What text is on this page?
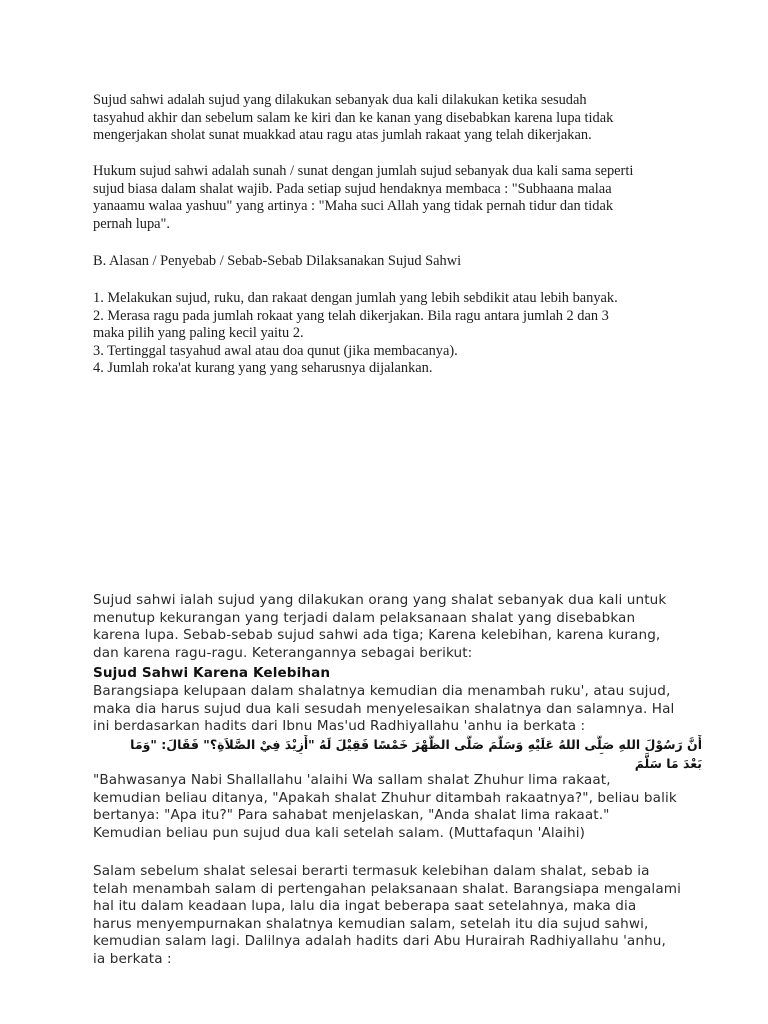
Sujud sahwi adalah sujud yang dilakukan sebanyak dua kali dilakukan ketika sesudah
tasyahud akhir dan sebelum salam ke kiri dan ke kanan yang disebabkan karena lupa tidak
mengerjakan sholat sunat muakkad atau ragu atas jumlah rakaat yang telah dikerjakan.
Hukum sujud sahwi adalah sunah / sunat dengan jumlah sujud sebanyak dua kali sama seperti
sujud biasa dalam shalat wajib. Pada setiap sujud hendaknya membaca : "Subhaana malaa
yanaamu walaa yashuu" yang artinya : "Maha suci Allah yang tidak pernah tidur dan tidak
pernah lupa".
B. Alasan / Penyebab / Sebab-Sebab Dilaksanakan Sujud Sahwi
1. Melakukan sujud, ruku, dan rakaat dengan jumlah yang lebih sebdikit atau lebih banyak.
2. Merasa ragu pada jumlah rokaat yang telah dikerjakan. Bila ragu antara jumlah 2 dan 3
maka pilih yang paling kecil yaitu 2.
3. Tertinggal tasyahud awal atau doa qunut (jika membacanya).
4. Jumlah roka'at kurang yang yang seharusnya dijalankan.
Sujud sahwi ialah sujud yang dilakukan orang yang shalat sebanyak dua kali untuk
menutup kekurangan yang terjadi dalam pelaksanaan shalat yang disebabkan
karena lupa. Sebab-sebab sujud sahwi ada tiga; Karena kelebihan, karena kurang,
dan karena ragu-ragu. Keterangannya sebagai berikut:
Sujud Sahwi Karena Kelebihan
Barangsiapa kelupaan dalam shalatnya kemudian dia menambah ruku', atau sujud,
maka dia harus sujud dua kali sesudah menyelesaikan shalatnya dan salamnya. Hal
ini berdasarkan hadits dari Ibnu Mas'ud Radhiyallahu 'anhu ia berkata :
أَنَّ رَسُوْلَ اللهِ صَلَّى اللهُ عَلَيْهِ وَسَلَّمَ صَلَّى الظُّهْرَ خَمْسًا فَقِيْلَ لَهُ "أَزِيْدَ فِيْ الصَّلاَةِ؟" فَقَالَ: "وَمَا
بَعْدَ مَا سَلَّمَ
"Bahwasanya Nabi Shallallahu 'alaihi Wa sallam shalat Zhuhur lima rakaat,
kemudian beliau ditanya, "Apakah shalat Zhuhur ditambah rakaatnya?", beliau balik
bertanya: "Apa itu?" Para sahabat menjelaskan, "Anda shalat lima rakaat."
Kemudian beliau pun sujud dua kali setelah salam. (Muttafaqun 'Alaihi)
Salam sebelum shalat selesai berarti termasuk kelebihan dalam shalat, sebab ia
telah menambah salam di pertengahan pelaksanaan shalat. Barangsiapa mengalami
hal itu dalam keadaan lupa, lalu dia ingat beberapa saat setelahnya, maka dia
harus menyempurnakan shalatnya kemudian salam, setelah itu dia sujud sahwi,
kemudian salam lagi. Dalilnya adalah hadits dari Abu Hurairah Radhiyallahu 'anhu,
ia berkata :
